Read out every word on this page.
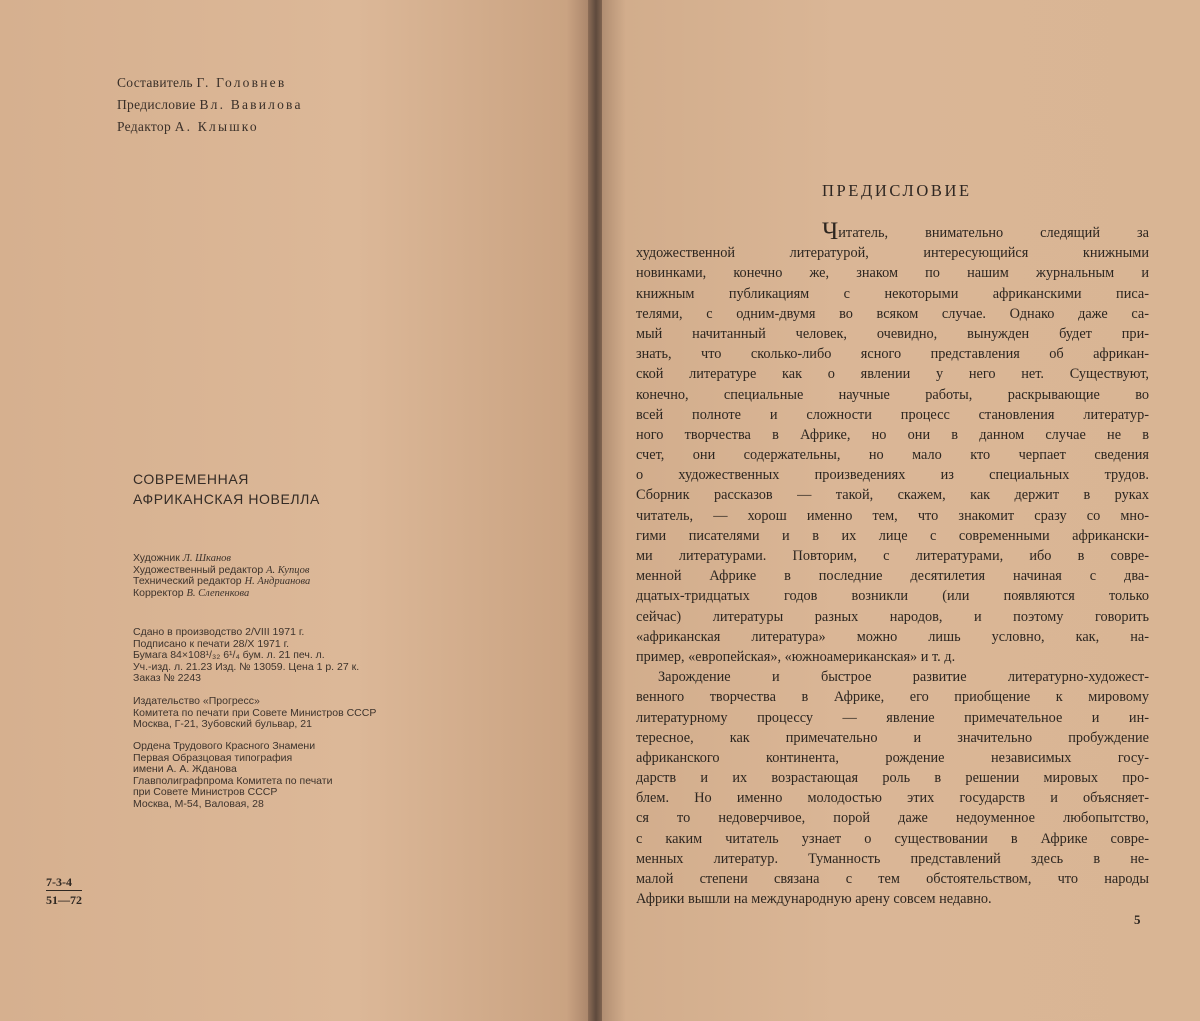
Составитель Г. Головнев
Предисловие Вл. Вавилова
Редактор А. Клышко
СОВРЕМЕННАЯ
АФРИКАНСКАЯ НОВЕЛЛА
Художник Л. Шканов
Художественный редактор А. Купцов
Технический редактор Н. Андрианова
Корректор В. Слепенкова
Сдано в производство 2/VIII 1971 г.
Подписано к печати 28/X 1971 г.
Бумага 84×108¹/₃₂ 6¹/₄ бум. л. 21 печ. л.
Уч.-изд. л. 21.23 Изд. № 13059. Цена 1 р. 27 к.
Заказ № 2243
Издательство «Прогресс»
Комитета по печати при Совете Министров СССР
Москва, Г-21, Зубовский бульвар, 21
Ордена Трудового Красного Знамени
Первая Образцовая типография
имени А. А. Жданова
Главполиграфпрома Комитета по печати
при Совете Министров СССР
Москва, М-54, Валовая, 28
7-3-4
51—72
ПРЕДИСЛОВИЕ
Читатель, внимательно следящий за
художественной литературой, интересующийся книжными
новинками, конечно же, знаком по нашим журнальным и
книжным публикациям с некоторыми африканскими писа-
телями, с одним-двумя во всяком случае. Однако даже са-
мый начитанный человек, очевидно, вынужден будет при-
знать, что сколько-либо ясного представления об африкан-
ской литературе как о явлении у него нет. Существуют,
конечно, специальные научные работы, раскрывающие во
всей полноте и сложности процесс становления литератур-
ного творчества в Африке, но они в данном случае не в
счет, они содержательны, но мало кто черпает сведения
о художественных произведениях из специальных трудов.
Сборник рассказов — такой, скажем, как держит в руках
читатель, — хорош именно тем, что знакомит сразу со мно-
гими писателями и в их лице с современными африкански-
ми литературами. Повторим, с литературами, ибо в совре-
менной Африке в последние десятилетия начиная с два-
дцатых-тридцатых годов возникли (или появляются только
сейчас) литературы разных народов, и поэтому говорить
«африканская литература» можно лишь условно, как, на-
пример, «европейская», «южноамериканская» и т. д.
Зарождение и быстрое развитие литературно-художест-
венного творчества в Африке, его приобщение к мировому
литературному процессу — явление примечательное и ин-
тересное, как примечательно и значительно пробуждение
африканского континента, рождение независимых госу-
дарств и их возрастающая роль в решении мировых про-
блем. Но именно молодостью этих государств и объясняет-
ся то недоверчивое, порой даже недоуменное любопытство,
с каким читатель узнает о существовании в Африке совре-
менных литератур. Туманность представлений здесь в не-
малой степени связана с тем обстоятельством, что народы
Африки вышли на международную арену совсем недавно.
5
